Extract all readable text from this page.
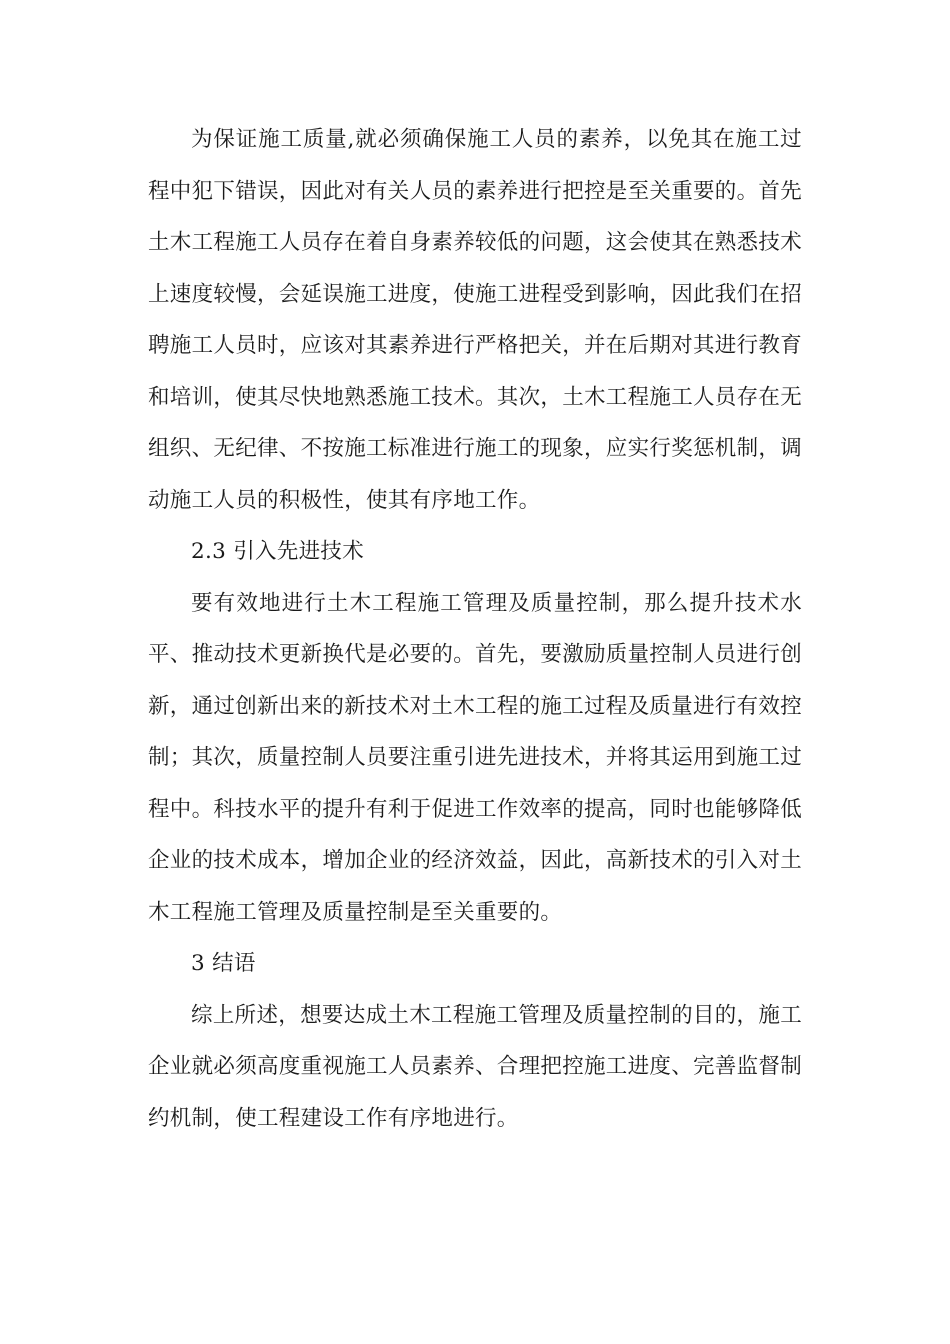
为保证施工质量,就必须确保施工人员的素养，以免其在施工过程中犯下错误，因此对有关人员的素养进行把控是至关重要的。首先土木工程施工人员存在着自身素养较低的问题，这会使其在熟悉技术上速度较慢，会延误施工进度，使施工进程受到影响，因此我们在招聘施工人员时，应该对其素养进行严格把关，并在后期对其进行教育和培训，使其尽快地熟悉施工技术。其次，土木工程施工人员存在无组织、无纪律、不按施工标准进行施工的现象，应实行奖惩机制，调动施工人员的积极性，使其有序地工作。

2.3 引入先进技术

要有效地进行土木工程施工管理及质量控制，那么提升技术水平、推动技术更新换代是必要的。首先，要激励质量控制人员进行创新，通过创新出来的新技术对土木工程的施工过程及质量进行有效控制；其次，质量控制人员要注重引进先进技术，并将其运用到施工过程中。科技水平的提升有利于促进工作效率的提高，同时也能够降低企业的技术成本，增加企业的经济效益，因此，高新技术的引入对土木工程施工管理及质量控制是至关重要的。

3 结语

综上所述，想要达成土木工程施工管理及质量控制的目的，施工企业就必须高度重视施工人员素养、合理把控施工进度、完善监督制约机制，使工程建设工作有序地进行。
